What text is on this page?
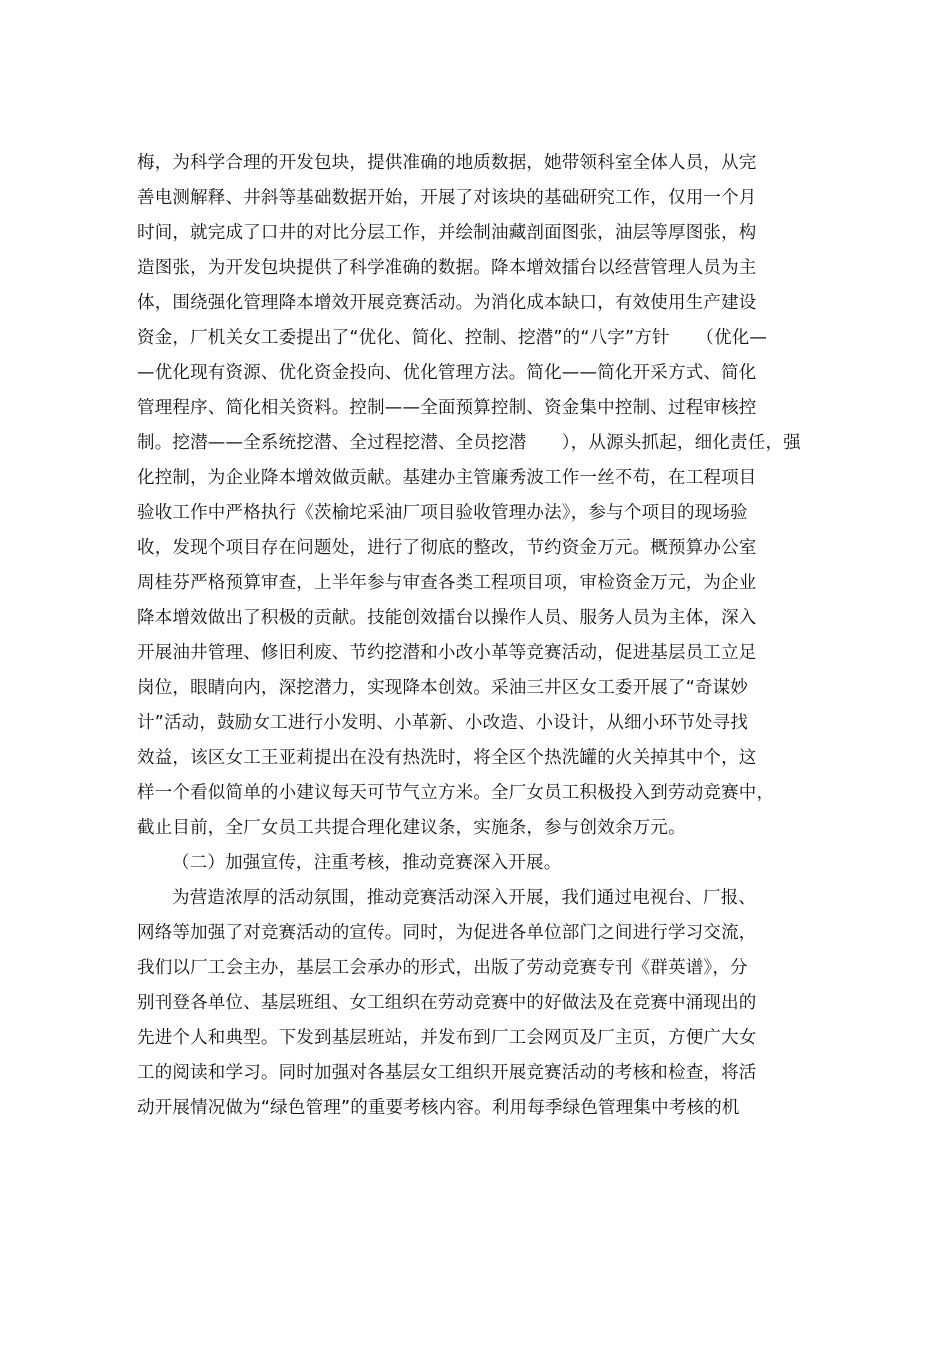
梅，为科学合理的开发包块，提供准确的地质数据，她带领科室全体人员，从完
善电测解释、井斜等基础数据开始，开展了对该块的基础研究工作，仅用一个月
时间，就完成了口井的对比分层工作，并绘制油藏剖面图张，油层等厚图张，构
造图张，为开发包块提供了科学准确的数据。降本增效擂台以经营管理人员为主
体，围绕强化管理降本增效开展竞赛活动。为消化成本缺口，有效使用生产建设
资金，厂机关女工委提出了“优化、简化、控制、挖潜”的“八字”方针　　（优化—
—优化现有资源、优化资金投向、优化管理方法。简化——简化开采方式、简化
管理程序、简化相关资料。控制——全面预算控制、资金集中控制、过程审核控
制。挖潜——全系统挖潜、全过程挖潜、全员挖潜　　），从源头抓起，细化责任，强
化控制，为企业降本增效做贡献。基建办主管廉秀波工作一丝不苟，在工程项目
验收工作中严格执行《茨榆坨采油厂项目验收管理办法》，参与个项目的现场验
收，发现个项目存在问题处，进行了彻底的整改，节约资金万元。概预算办公室
周桂芬严格预算审查，上半年参与审查各类工程项目项，审检资金万元，为企业
降本增效做出了积极的贡献。技能创效擂台以操作人员、服务人员为主体，深入
开展油井管理、修旧利废、节约挖潜和小改小革等竞赛活动，促进基层员工立足
岗位，眼睛向内，深挖潜力，实现降本创效。采油三井区女工委开展了“奇谋妙
计”活动，鼓励女工进行小发明、小革新、小改造、小设计，从细小环节处寻找
效益，该区女工王亚莉提出在没有热洗时，将全区个热洗罐的火关掉其中个，这
样一个看似简单的小建议每天可节气立方米。全厂女员工积极投入到劳动竞赛中，
截止目前，全厂女员工共提合理化建议条，实施条，参与创效余万元。
（二）加强宣传，注重考核，推动竞赛深入开展。
为营造浓厚的活动氛围，推动竞赛活动深入开展，我们通过电视台、厂报、
网络等加强了对竞赛活动的宣传。同时，为促进各单位部门之间进行学习交流，
我们以厂工会主办，基层工会承办的形式，出版了劳动竞赛专刊《群英谱》，分
别刊登各单位、基层班组、女工组织在劳动竞赛中的好做法及在竞赛中涌现出的
先进个人和典型。下发到基层班站，并发布到厂工会网页及厂主页，方便广大女
工的阅读和学习。同时加强对各基层女工组织开展竞赛活动的考核和检查，将活
动开展情况做为“绿色管理”的重要考核内容。利用每季绿色管理集中考核的机
